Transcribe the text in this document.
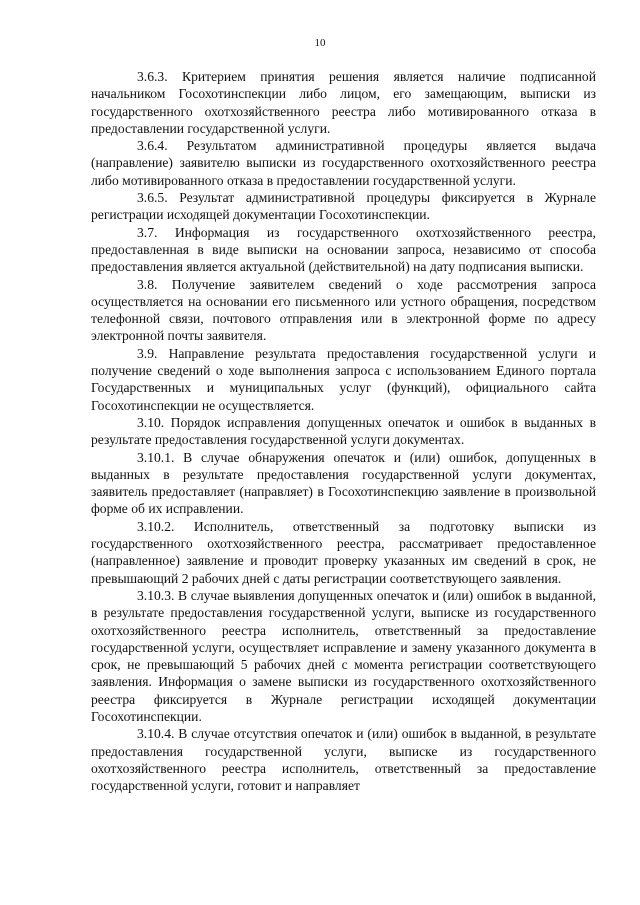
10

3.6.3. Критерием принятия решения является наличие подписанной начальником Госохотинспекции либо лицом, его замещающим, выписки из государственного охотхозяйственного реестра либо мотивированного отказа в предоставлении государственной услуги.

3.6.4. Результатом административной процедуры является выдача (направление) заявителю выписки из государственного охотхозяйственного реестра либо мотивированного отказа в предоставлении государственной услуги.

3.6.5. Результат административной процедуры фиксируется в Журнале регистрации исходящей документации Госохотинспекции.

3.7. Информация из государственного охотхозяйственного реестра, предоставленная в виде выписки на основании запроса, независимо от способа предоставления является актуальной (действительной) на дату подписания выписки.

3.8. Получение заявителем сведений о ходе рассмотрения запроса осуществляется на основании его письменного или устного обращения, посредством телефонной связи, почтового отправления или в электронной форме по адресу электронной почты заявителя.

3.9. Направление результата предоставления государственной услуги и получение сведений о ходе выполнения запроса с использованием Единого портала Государственных и муниципальных услуг (функций), официального сайта Госохотинспекции не осуществляется.

3.10. Порядок исправления допущенных опечаток и ошибок в выданных в результате предоставления государственной услуги документах.

3.10.1. В случае обнаружения опечаток и (или) ошибок, допущенных в выданных в результате предоставления государственной услуги документах, заявитель предоставляет (направляет) в Госохотинспекцию заявление в произвольной форме об их исправлении.

3.10.2. Исполнитель, ответственный за подготовку выписки из государственного охотхозяйственного реестра, рассматривает предоставленное (направленное) заявление и проводит проверку указанных им сведений в срок, не превышающий 2 рабочих дней с даты регистрации соответствующего заявления.

3.10.3. В случае выявления допущенных опечаток и (или) ошибок в выданной, в результате предоставления государственной услуги, выписке из государственного охотхозяйственного реестра исполнитель, ответственный за предоставление государственной услуги, осуществляет исправление и замену указанного документа в срок, не превышающий 5 рабочих дней с момента регистрации соответствующего заявления. Информация о замене выписки из государственного охотхозяйственного реестра фиксируется в Журнале регистрации исходящей документации Госохотинспекции.

3.10.4. В случае отсутствия опечаток и (или) ошибок в выданной, в результате предоставления государственной услуги, выписке из государственного охотхозяйственного реестра исполнитель, ответственный за предоставление государственной услуги, готовит и направляет
